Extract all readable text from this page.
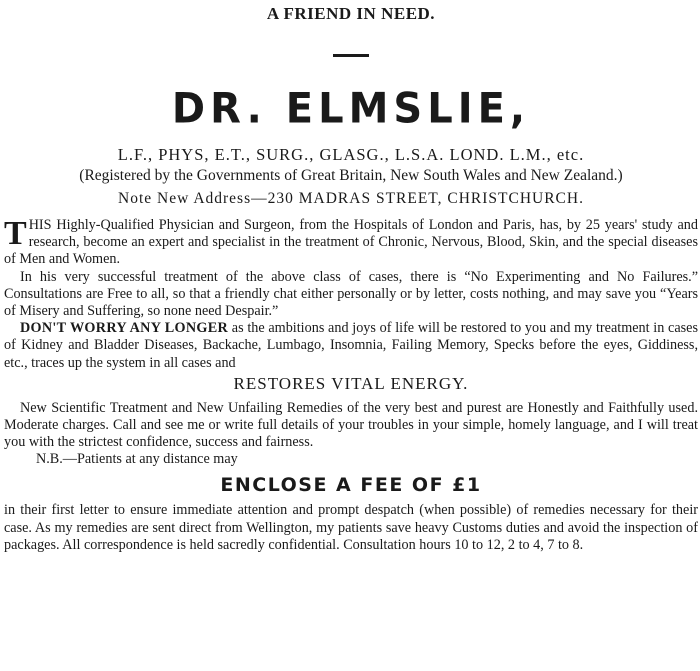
A FRIEND IN NEED.
DR. ELMSLIE,

L.F., PHYS, E.T., SURG., GLASG., L.S.A. LOND. L.M., etc.

(Registered by the Governments of Great Britain, New South Wales and New Zealand.)

Note New Address—230 MADRAS STREET, CHRISTCHURCH.

THIS Highly-Qualified Physician and Surgeon, from the Hospitals of London and Paris, has, by 25 years' study and research, become an expert and specialist in the treatment of Chronic, Nervous, Blood, Skin, and the special diseases of Men and Women.

In his very successful treatment of the above class of cases, there is “No Experimenting and No Failures.” Consultations are Free to all, so that a friendly chat either personally or by letter, costs nothing, and may save you “Years of Misery and Suffering, so none need Despair.”

DON'T WORRY ANY LONGER as the ambitions and joys of life will be restored to you and my treatment in cases of Kidney and Bladder Diseases, Backache, Lumbago, Insomnia, Failing Memory, Specks before the eyes, Giddiness, etc., traces up the system in all cases and

RESTORES VITAL ENERGY.

New Scientific Treatment and New Unfailing Remedies of the very best and purest are Honestly and Faithfully used. Moderate charges. Call and see me or write full details of your troubles in your simple, homely language, and I will treat you with the strictest confidence, success and fairness.

N.B.—Patients at any distance may

ENCLOSE A FEE OF £1

in their first letter to ensure immediate attention and prompt despatch (when possible) of remedies necessary for their case. As my remedies are sent direct from Wellington, my patients save heavy Customs duties and avoid the inspection of packages. All correspondence is held sacredly confidential. Consultation hours 10 to 12, 2 to 4, 7 to 8.
